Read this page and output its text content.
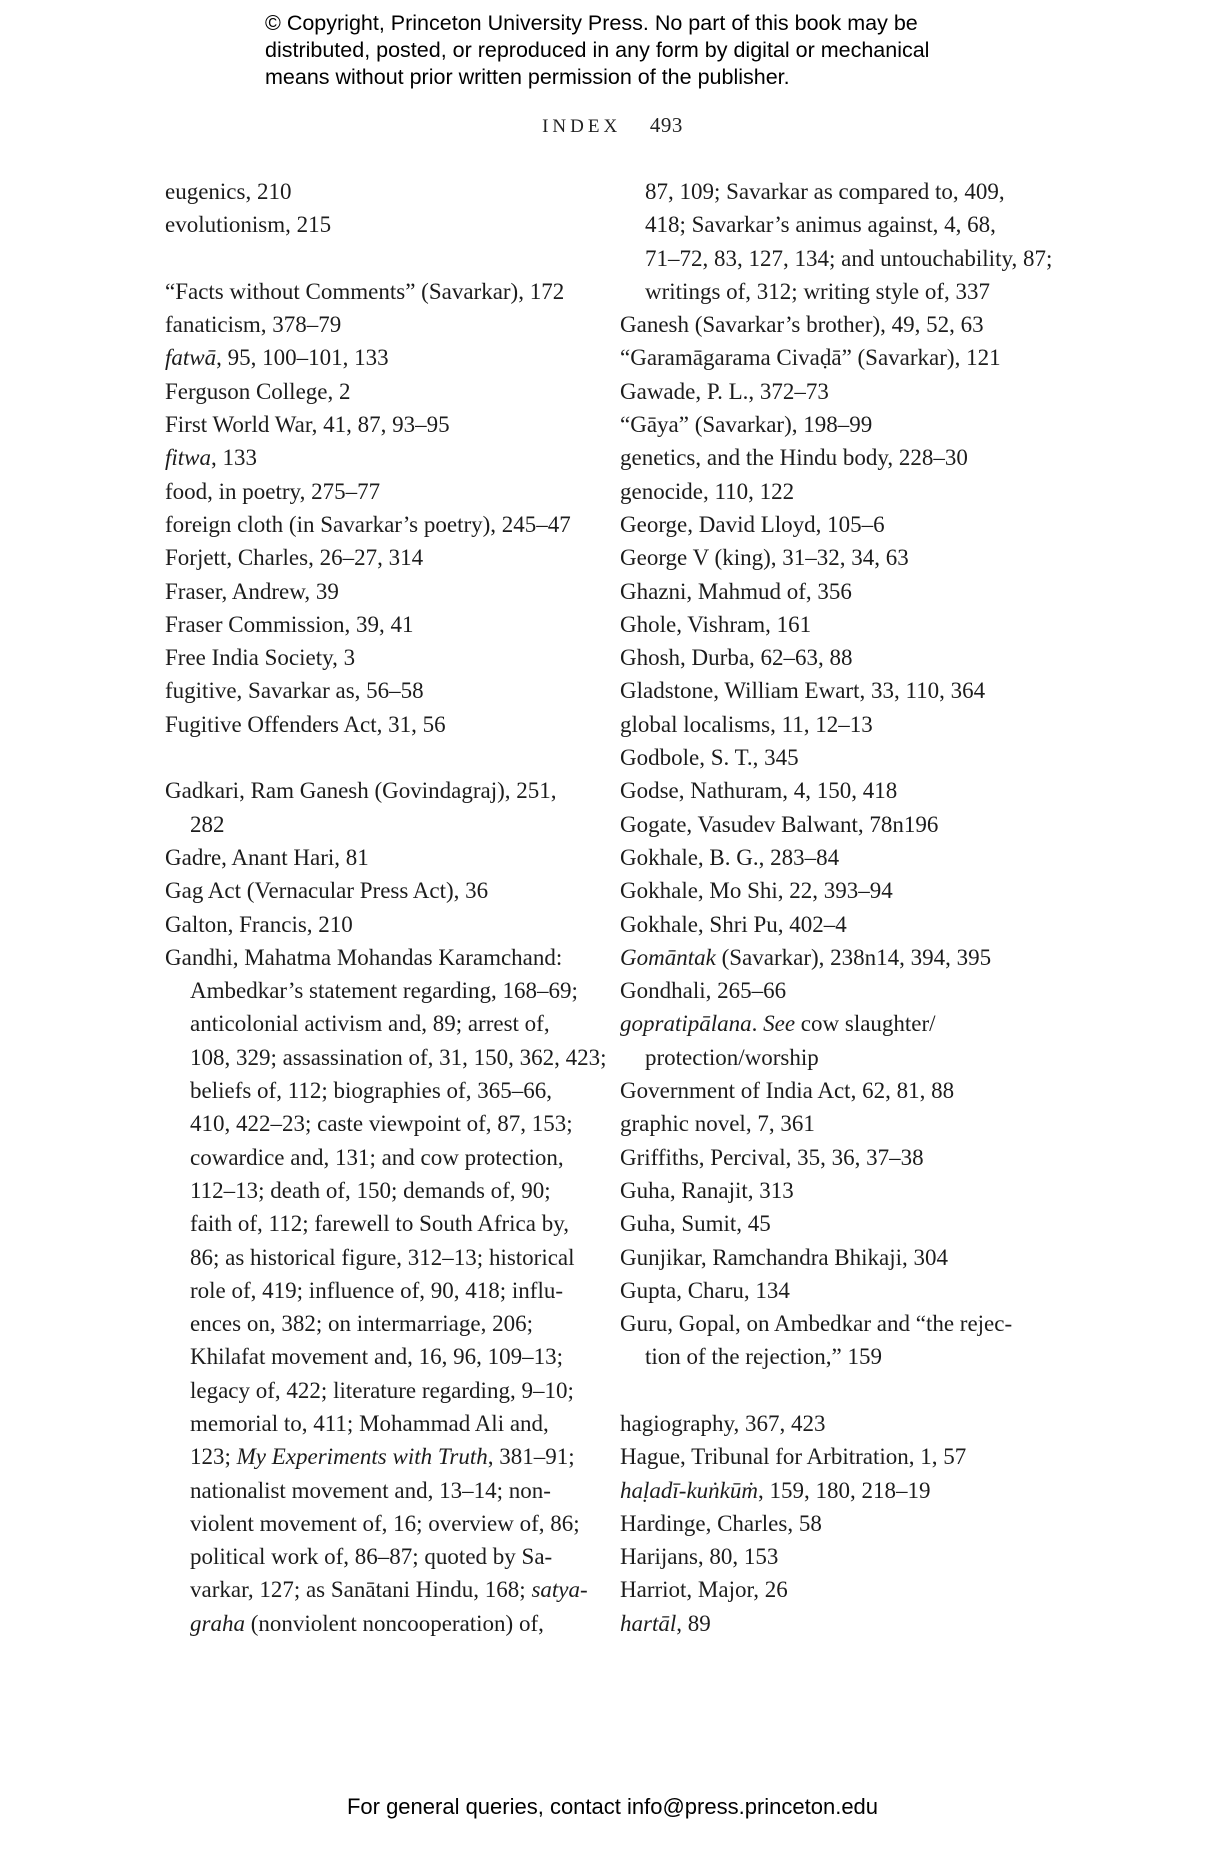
© Copyright, Princeton University Press. No part of this book may be
distributed, posted, or reproduced in any form by digital or mechanical
means without prior written permission of the publisher.
INDEX 493
eugenics, 210
evolutionism, 215
“Facts without Comments” (Savarkar), 172
fanaticism, 378–79
fatwā, 95, 100–101, 133
Ferguson College, 2
First World War, 41, 87, 93–95
fitwa, 133
food, in poetry, 275–77
foreign cloth (in Savarkar’s poetry), 245–47
Forjett, Charles, 26–27, 314
Fraser, Andrew, 39
Fraser Commission, 39, 41
Free India Society, 3
fugitive, Savarkar as, 56–58
Fugitive Offenders Act, 31, 56
Gadkari, Ram Ganesh (Govindagraj), 251,
282
Gadre, Anant Hari, 81
Gag Act (Vernacular Press Act), 36
Galton, Francis, 210
Gandhi, Mahatma Mohandas Karamchand:
Ambedkar’s statement regarding, 168–69;
anticolonial activism and, 89; arrest of,
108, 329; assassination of, 31, 150, 362, 423;
beliefs of, 112; biographies of, 365–66,
410, 422–23; caste viewpoint of, 87, 153;
cowardice and, 131; and cow protection,
112–13; death of, 150; demands of, 90;
faith of, 112; farewell to South Africa by,
86; as historical figure, 312–13; historical
role of, 419; influence of, 90, 418; influ-
ences on, 382; on intermarriage, 206;
Khilafat movement and, 16, 96, 109–13;
legacy of, 422; literature regarding, 9–10;
memorial to, 411; Mohammad Ali and,
123; My Experiments with Truth, 381–91;
nationalist movement and, 13–14; non-
violent movement of, 16; overview of, 86;
political work of, 86–87; quoted by Sa-
varkar, 127; as Sanātani Hindu, 168; satya-
graha (nonviolent noncooperation) of,
87, 109; Savarkar as compared to, 409,
418; Savarkar’s animus against, 4, 68,
71–72, 83, 127, 134; and untouchability, 87;
writings of, 312; writing style of, 337
Ganesh (Savarkar’s brother), 49, 52, 63
“Garamāgarama Civaḍā” (Savarkar), 121
Gawade, P. L., 372–73
“Gāya” (Savarkar), 198–99
genetics, and the Hindu body, 228–30
genocide, 110, 122
George, David Lloyd, 105–6
George V (king), 31–32, 34, 63
Ghazni, Mahmud of, 356
Ghole, Vishram, 161
Ghosh, Durba, 62–63, 88
Gladstone, William Ewart, 33, 110, 364
global localisms, 11, 12–13
Godbole, S. T., 345
Godse, Nathuram, 4, 150, 418
Gogate, Vasudev Balwant, 78n196
Gokhale, B. G., 283–84
Gokhale, Mo Shi, 22, 393–94
Gokhale, Shri Pu, 402–4
Gomāntak (Savarkar), 238n14, 394, 395
Gondhali, 265–66
gopratipālana. See cow slaughter/
protection/worship
Government of India Act, 62, 81, 88
graphic novel, 7, 361
Griffiths, Percival, 35, 36, 37–38
Guha, Ranajit, 313
Guha, Sumit, 45
Gunjikar, Ramchandra Bhikaji, 304
Gupta, Charu, 134
Guru, Gopal, on Ambedkar and “the rejec-
tion of the rejection,” 159
hagiography, 367, 423
Hague, Tribunal for Arbitration, 1, 57
haḷadī-kuṅkūṁ, 159, 180, 218–19
Hardinge, Charles, 58
Harijans, 80, 153
Harriot, Major, 26
hartāl, 89
For general queries, contact info@press.princeton.edu
